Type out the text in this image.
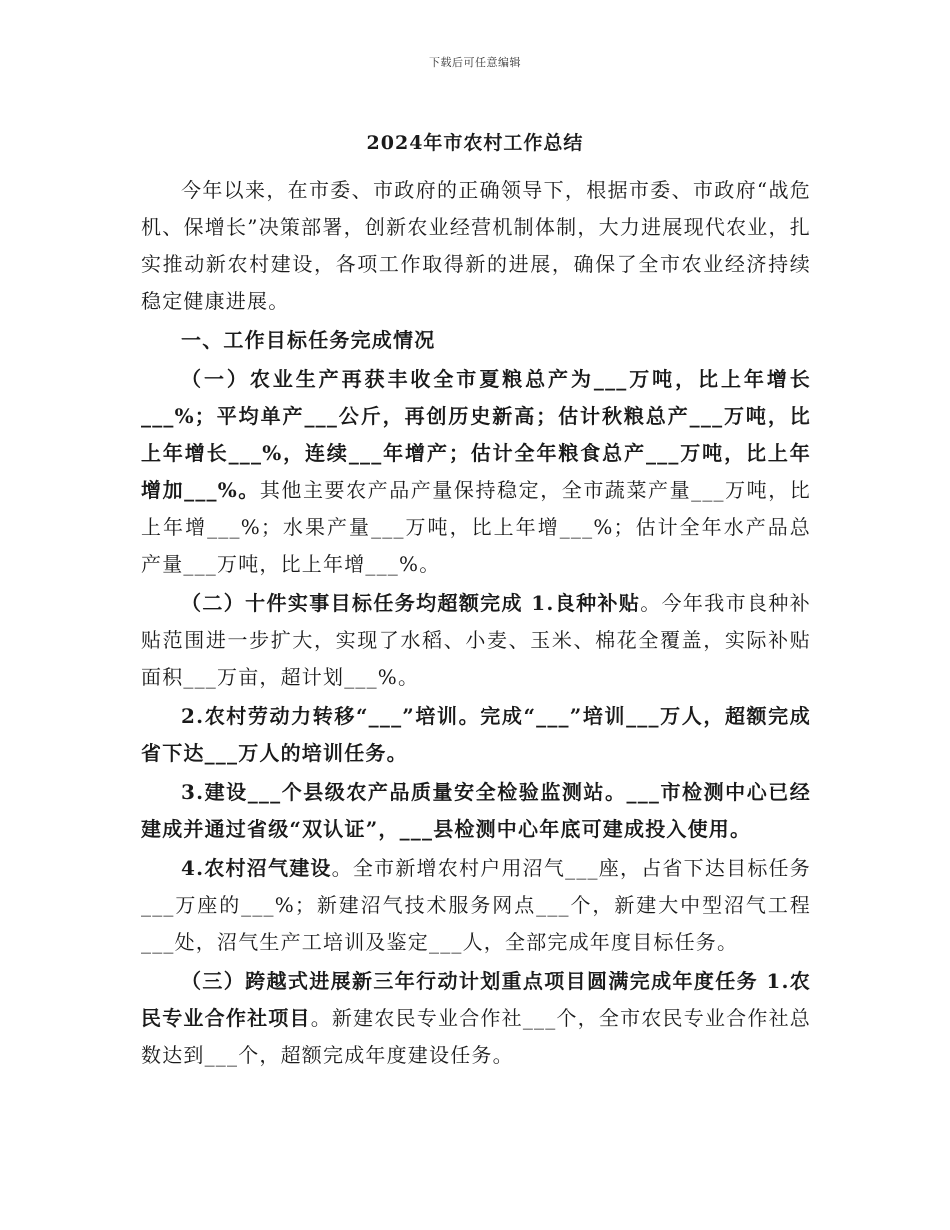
下载后可任意编辑
2024年市农村工作总结

今年以来，在市委、市政府的正确领导下，根据市委、市政府“战危机、保增长”决策部署，创新农业经营机制体制，大力进展现代农业，扎实推动新农村建设，各项工作取得新的进展，确保了全市农业经济持续稳定健康进展。

一、工作目标任务完成情况

（一）农业生产再获丰收全市夏粮总产为___万吨，比上年增长___%；平均单产___公斤，再创历史新高；估计秋粮总产___万吨，比上年增长___%，连续___年增产；估计全年粮食总产___万吨，比上年增加___%。其他主要农产品产量保持稳定，全市蔬菜产量___万吨，比上年增___%；水果产量___万吨，比上年增___%；估计全年水产品总产量___万吨，比上年增___%。

（二）十件实事目标任务均超额完成 1.良种补贴。今年我市良种补贴范围进一步扩大，实现了水稻、小麦、玉米、棉花全覆盖，实际补贴面积___万亩，超计划___%。

2.农村劳动力转移“___”培训。完成“___”培训___万人，超额完成省下达___万人的培训任务。

3.建设___个县级农产品质量安全检验监测站。___市检测中心已经建成并通过省级“双认证”，___县检测中心年底可建成投入使用。

4.农村沼气建设。全市新增农村户用沼气___座，占省下达目标任务___万座的___%；新建沼气技术服务网点___个，新建大中型沼气工程___处，沼气生产工培训及鉴定___人，全部完成年度目标任务。

（三）跨越式进展新三年行动计划重点项目圆满完成年度任务 1.农民专业合作社项目。新建农民专业合作社___个，全市农民专业合作社总数达到___个，超额完成年度建设任务。
